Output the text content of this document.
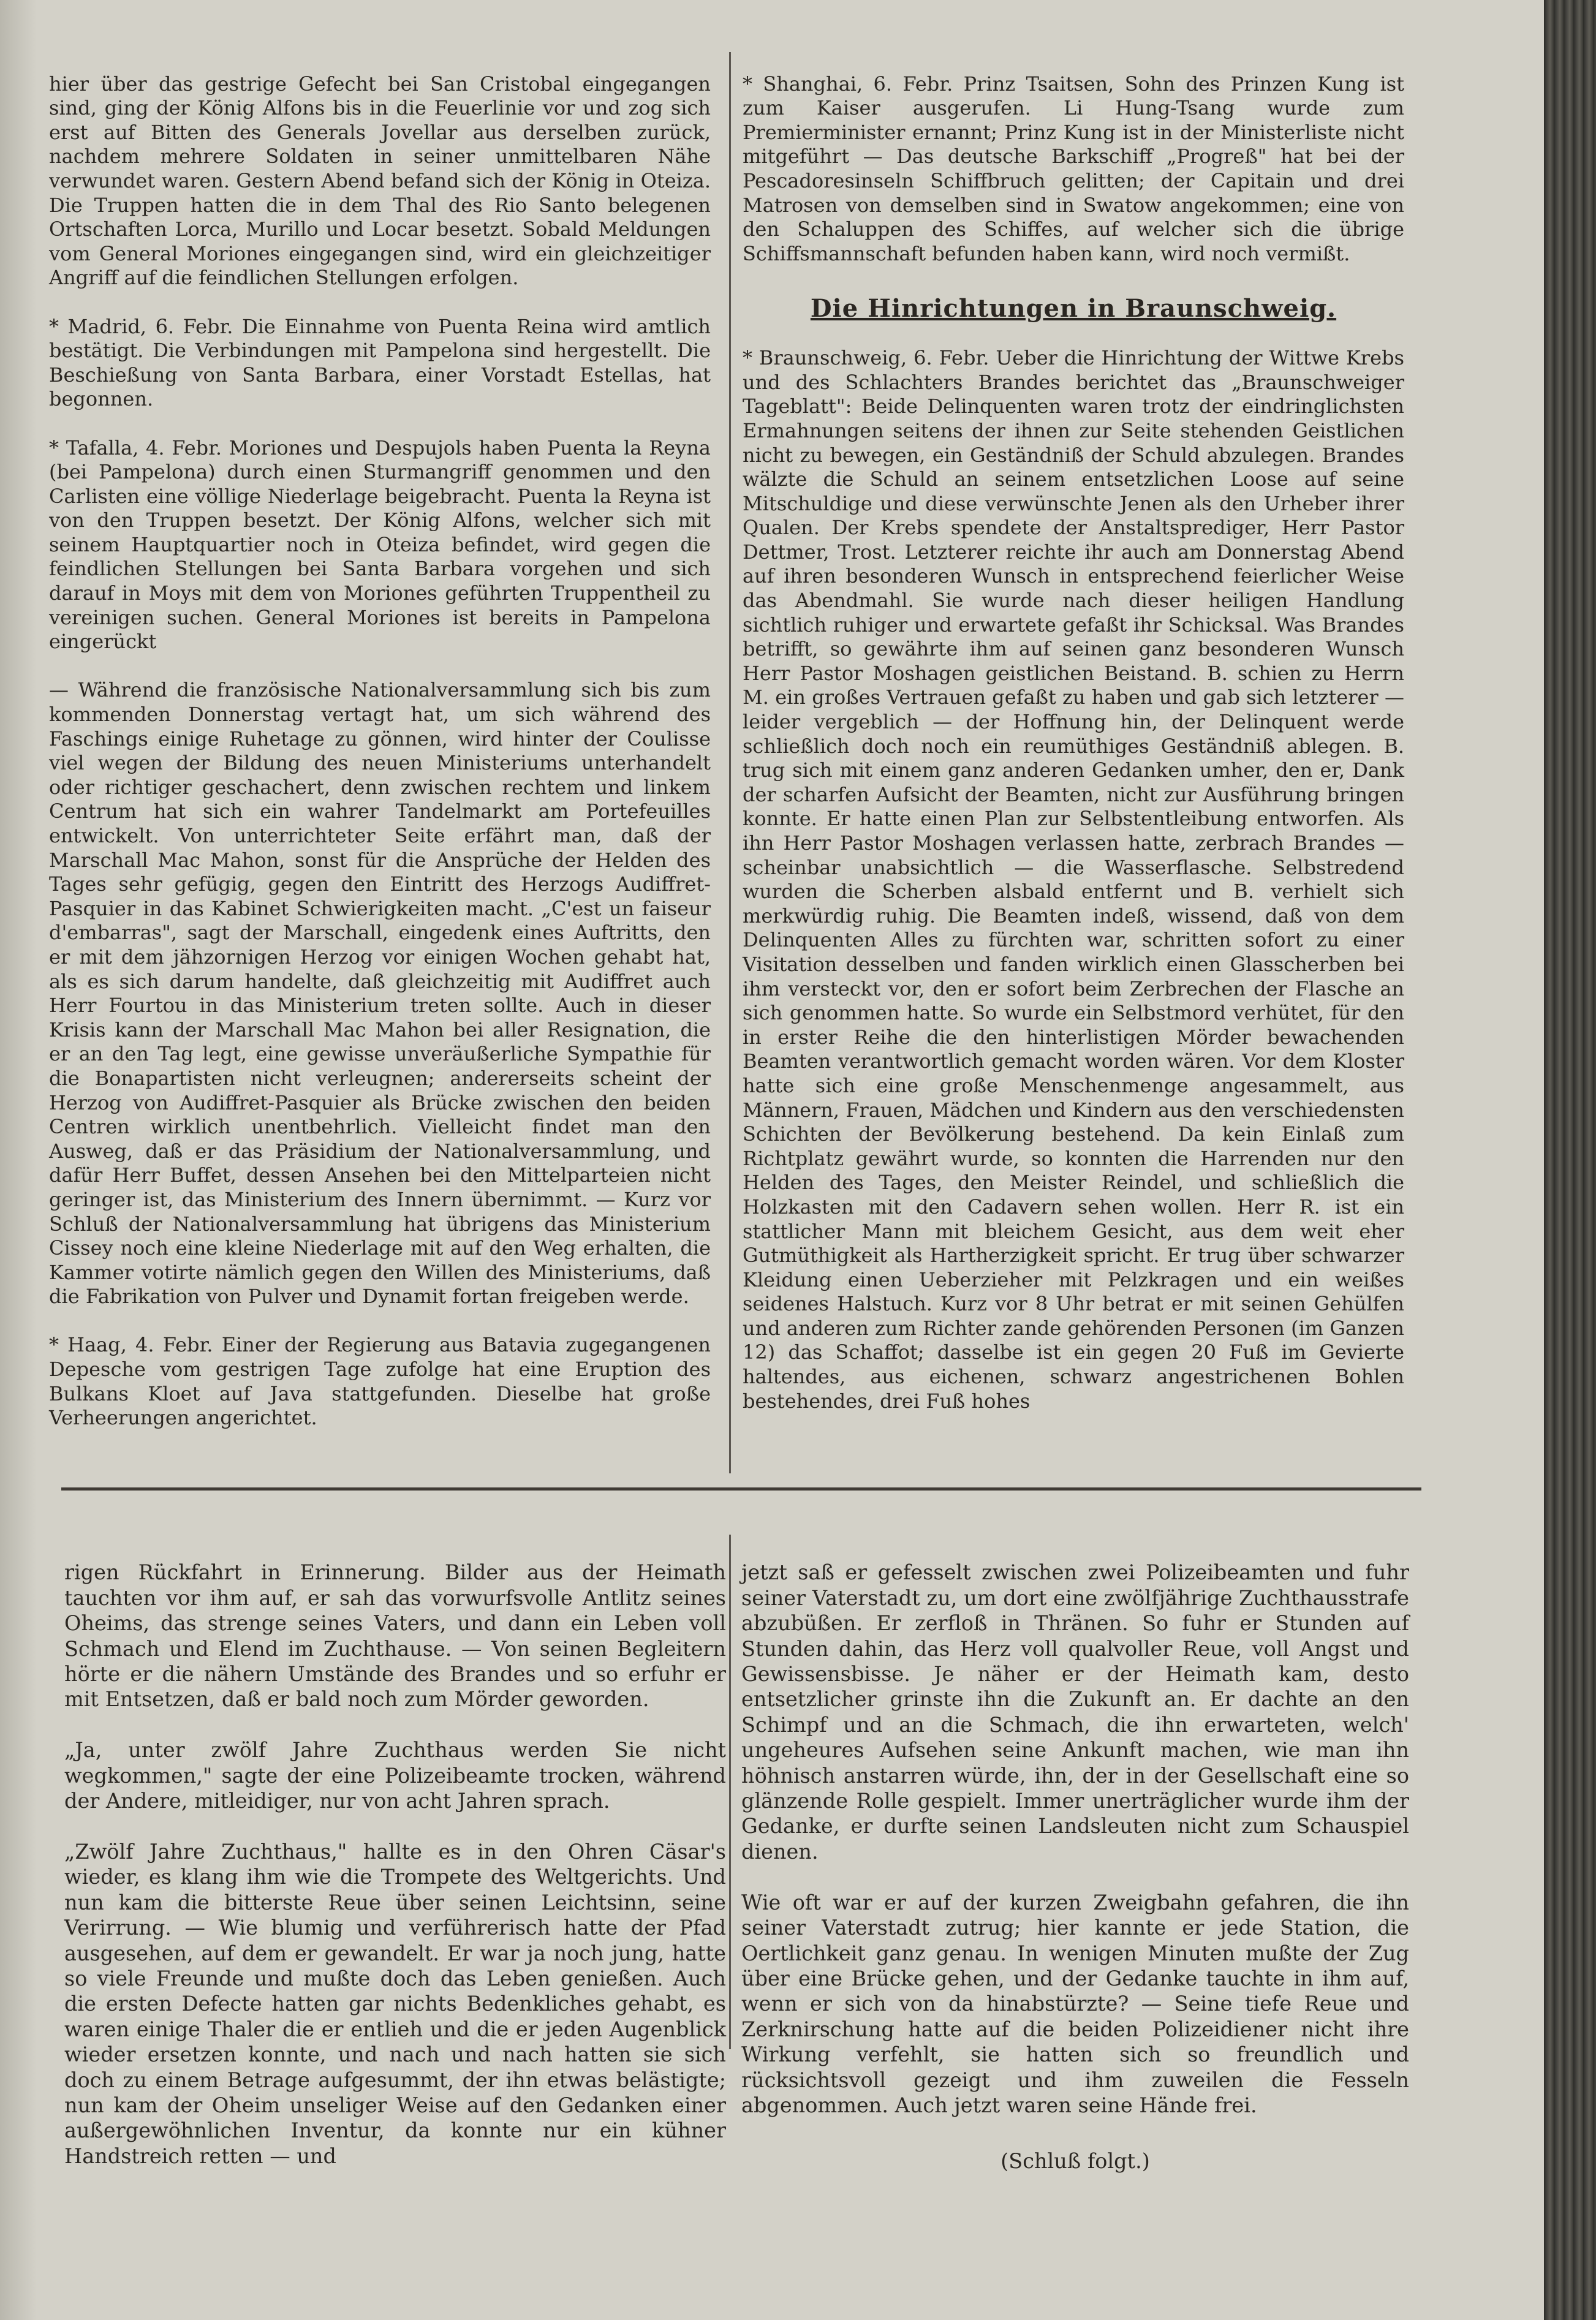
hier über das gestrige Gefecht bei San Cristobal eingegangen sind, ging der König Alfons bis in die Feuerlinie vor und zog sich erst auf Bitten des Generals Jovellar aus derselben zurück, nachdem mehrere Soldaten in seiner unmittelbaren Nähe verwundet waren. Gestern Abend befand sich der König in Oteiza. Die Truppen hatten die in dem Thal des Rio Santo belegenen Ortschaften Lorca, Murillo und Locar besetzt. Sobald Meldungen vom General Moriones eingegangen sind, wird ein gleichzeitiger Angriff auf die feindlichen Stellungen erfolgen.

* Madrid, 6. Febr. Die Einnahme von Puenta Reina wird amtlich bestätigt. Die Verbindungen mit Pampelona sind hergestellt. Die Beschießung von Santa Barbara, einer Vorstadt Estellas, hat begonnen.

* Tafalla, 4. Febr. Moriones und Despujols haben Puenta la Reyna (bei Pampelona) durch einen Sturmangriff genommen und den Carlisten eine völlige Niederlage beigebracht. Puenta la Reyna ist von den Truppen besetzt. Der König Alfons, welcher sich mit seinem Hauptquartier noch in Oteiza befindet, wird gegen die feindlichen Stellungen bei Santa Barbara vorgehen und sich darauf in Moys mit dem von Moriones geführten Truppentheil zu vereinigen suchen. General Moriones ist bereits in Pampelona eingerückt

— Während die französische Nationalversammlung sich bis zum kommenden Donnerstag vertagt hat, um sich während des Faschings einige Ruhetage zu gönnen, wird hinter der Coulisse viel wegen der Bildung des neuen Ministeriums unterhandelt oder richtiger geschachert, denn zwischen rechtem und linkem Centrum hat sich ein wahrer Tandelmarkt am Portefeuilles entwickelt. Von unterrichteter Seite erfährt man, daß der Marschall Mac Mahon, sonst für die Ansprüche der Helden des Tages sehr gefügig, gegen den Eintritt des Herzogs Audiffret-Pasquier in das Kabinet Schwierigkeiten macht. „C'est un faiseur d'embarras", sagt der Marschall, eingedenk eines Auftritts, den er mit dem jähzornigen Herzog vor einigen Wochen gehabt hat, als es sich darum handelte, daß gleichzeitig mit Audiffret auch Herr Fourtou in das Ministerium treten sollte. Auch in dieser Krisis kann der Marschall Mac Mahon bei aller Resignation, die er an den Tag legt, eine gewisse unveräußerliche Sympathie für die Bonapartisten nicht verleugnen; andererseits scheint der Herzog von Audiffret-Pasquier als Brücke zwischen den beiden Centren wirklich unentbehrlich. Vielleicht findet man den Ausweg, daß er das Präsidium der Nationalversammlung, und dafür Herr Buffet, dessen Ansehen bei den Mittelparteien nicht geringer ist, das Ministerium des Innern übernimmt. — Kurz vor Schluß der Nationalversammlung hat übrigens das Ministerium Cissey noch eine kleine Niederlage mit auf den Weg erhalten, die Kammer votirte nämlich gegen den Willen des Ministeriums, daß die Fabrikation von Pulver und Dynamit fortan freigeben werde.

* Haag, 4. Febr. Einer der Regierung aus Batavia zugegangenen Depesche vom gestrigen Tage zufolge hat eine Eruption des Bulkans Kloet auf Java stattgefunden. Dieselbe hat große Verheerungen angerichtet.

* Shanghai, 6. Febr. Prinz Tsaitsen, Sohn des Prinzen Kung ist zum Kaiser ausgerufen. Li Hung-Tsang wurde zum Premierminister ernannt; Prinz Kung ist in der Ministerliste nicht mitgeführt — Das deutsche Barkschiff „Progreß" hat bei der Pescadoresinseln Schiffbruch gelitten; der Capitain und drei Matrosen von demselben sind in Swatow angekommen; eine von den Schaluppen des Schiffes, auf welcher sich die übrige Schiffsmannschaft befunden haben kann, wird noch vermißt.

Die Hinrichtungen in Braunschweig.

* Braunschweig, 6. Febr. Ueber die Hinrichtung der Wittwe Krebs und des Schlachters Brandes berichtet das „Braunschweiger Tageblatt": Beide Delinquenten waren trotz der eindringlichsten Ermahnungen seitens der ihnen zur Seite stehenden Geistlichen nicht zu bewegen, ein Geständniß der Schuld abzulegen. Brandes wälzte die Schuld an seinem entsetzlichen Loose auf seine Mitschuldige und diese verwünschte Jenen als den Urheber ihrer Qualen. Der Krebs spendete der Anstaltsprediger, Herr Pastor Dettmer, Trost. Letzterer reichte ihr auch am Donnerstag Abend auf ihren besonderen Wunsch in entsprechend feierlicher Weise das Abendmahl. Sie wurde nach dieser heiligen Handlung sichtlich ruhiger und erwartete gefaßt ihr Schicksal. Was Brandes betrifft, so gewährte ihm auf seinen ganz besonderen Wunsch Herr Pastor Moshagen geistlichen Beistand. B. schien zu Herrn M. ein großes Vertrauen gefaßt zu haben und gab sich letzterer — leider vergeblich — der Hoffnung hin, der Delinquent werde schließlich doch noch ein reumüthiges Geständniß ablegen. B. trug sich mit einem ganz anderen Gedanken umher, den er, Dank der scharfen Aufsicht der Beamten, nicht zur Ausführung bringen konnte. Er hatte einen Plan zur Selbstentleibung entworfen. Als ihn Herr Pastor Moshagen verlassen hatte, zerbrach Brandes — scheinbar unabsichtlich — die Wasserflasche. Selbstredend wurden die Scherben alsbald entfernt und B. verhielt sich merkwürdig ruhig. Die Beamten indeß, wissend, daß von dem Delinquenten Alles zu fürchten war, schritten sofort zu einer Visitation desselben und fanden wirklich einen Glasscherben bei ihm versteckt vor, den er sofort beim Zerbrechen der Flasche an sich genommen hatte. So wurde ein Selbstmord verhütet, für den in erster Reihe die den hinterlistigen Mörder bewachenden Beamten verantwortlich gemacht worden wären. Vor dem Kloster hatte sich eine große Menschenmenge angesammelt, aus Männern, Frauen, Mädchen und Kindern aus den verschiedensten Schichten der Bevölkerung bestehend. Da kein Einlaß zum Richtplatz gewährt wurde, so konnten die Harrenden nur den Helden des Tages, den Meister Reindel, und schließlich die Holzkasten mit den Cadavern sehen wollen. Herr R. ist ein stattlicher Mann mit bleichem Gesicht, aus dem weit eher Gutmüthigkeit als Hartherzigkeit spricht. Er trug über schwarzer Kleidung einen Ueberzieher mit Pelzkragen und ein weißes seidenes Halstuch. Kurz vor 8 Uhr betrat er mit seinen Gehülfen und anderen zum Richter zande gehörenden Personen (im Ganzen 12) das Schaffot; dasselbe ist ein gegen 20 Fuß im Gevierte haltendes, aus eichenen, schwarz angestrichenen Bohlen bestehendes, drei Fuß hohes

rigen Rückfahrt in Erinnerung. Bilder aus der Heimath tauchten vor ihm auf, er sah das vorwurfsvolle Antlitz seines Oheims, das strenge seines Vaters, und dann ein Leben voll Schmach und Elend im Zuchthause. — Von seinen Begleitern hörte er die nähern Umstände des Brandes und so erfuhr er mit Entsetzen, daß er bald noch zum Mörder geworden.

„Ja, unter zwölf Jahre Zuchthaus werden Sie nicht wegkommen," sagte der eine Polizeibeamte trocken, während der Andere, mitleidiger, nur von acht Jahren sprach.

„Zwölf Jahre Zuchthaus," hallte es in den Ohren Cäsar's wieder, es klang ihm wie die Trompete des Weltgerichts. Und nun kam die bitterste Reue über seinen Leichtsinn, seine Verirrung. — Wie blumig und verführerisch hatte der Pfad ausgesehen, auf dem er gewandelt. Er war ja noch jung, hatte so viele Freunde und mußte doch das Leben genießen. Auch die ersten Defecte hatten gar nichts Bedenkliches gehabt, es waren einige Thaler die er entlieh und die er jeden Augenblick wieder ersetzen konnte, und nach und nach hatten sie sich doch zu einem Betrage aufgesummt, der ihn etwas belästigte; nun kam der Oheim unseliger Weise auf den Gedanken einer außergewöhnlichen Inventur, da konnte nur ein kühner Handstreich retten — und

jetzt saß er gefesselt zwischen zwei Polizeibeamten und fuhr seiner Vaterstadt zu, um dort eine zwölfjährige Zuchthausstrafe abzubüßen. Er zerfloß in Thränen. So fuhr er Stunden auf Stunden dahin, das Herz voll qualvoller Reue, voll Angst und Gewissensbisse. Je näher er der Heimath kam, desto entsetzlicher grinste ihn die Zukunft an. Er dachte an den Schimpf und an die Schmach, die ihn erwarteten, welch' ungeheures Aufsehen seine Ankunft machen, wie man ihn höhnisch anstarren würde, ihn, der in der Gesellschaft eine so glänzende Rolle gespielt. Immer unerträglicher wurde ihm der Gedanke, er durfte seinen Landsleuten nicht zum Schauspiel dienen.

Wie oft war er auf der kurzen Zweigbahn gefahren, die ihn seiner Vaterstadt zutrug; hier kannte er jede Station, die Oertlichkeit ganz genau. In wenigen Minuten mußte der Zug über eine Brücke gehen, und der Gedanke tauchte in ihm auf, wenn er sich von da hinabstürzte? — Seine tiefe Reue und Zerknirschung hatte auf die beiden Polizeidiener nicht ihre Wirkung verfehlt, sie hatten sich so freundlich und rücksichtsvoll gezeigt und ihm zuweilen die Fesseln abgenommen. Auch jetzt waren seine Hände frei.

(Schluß folgt.)
